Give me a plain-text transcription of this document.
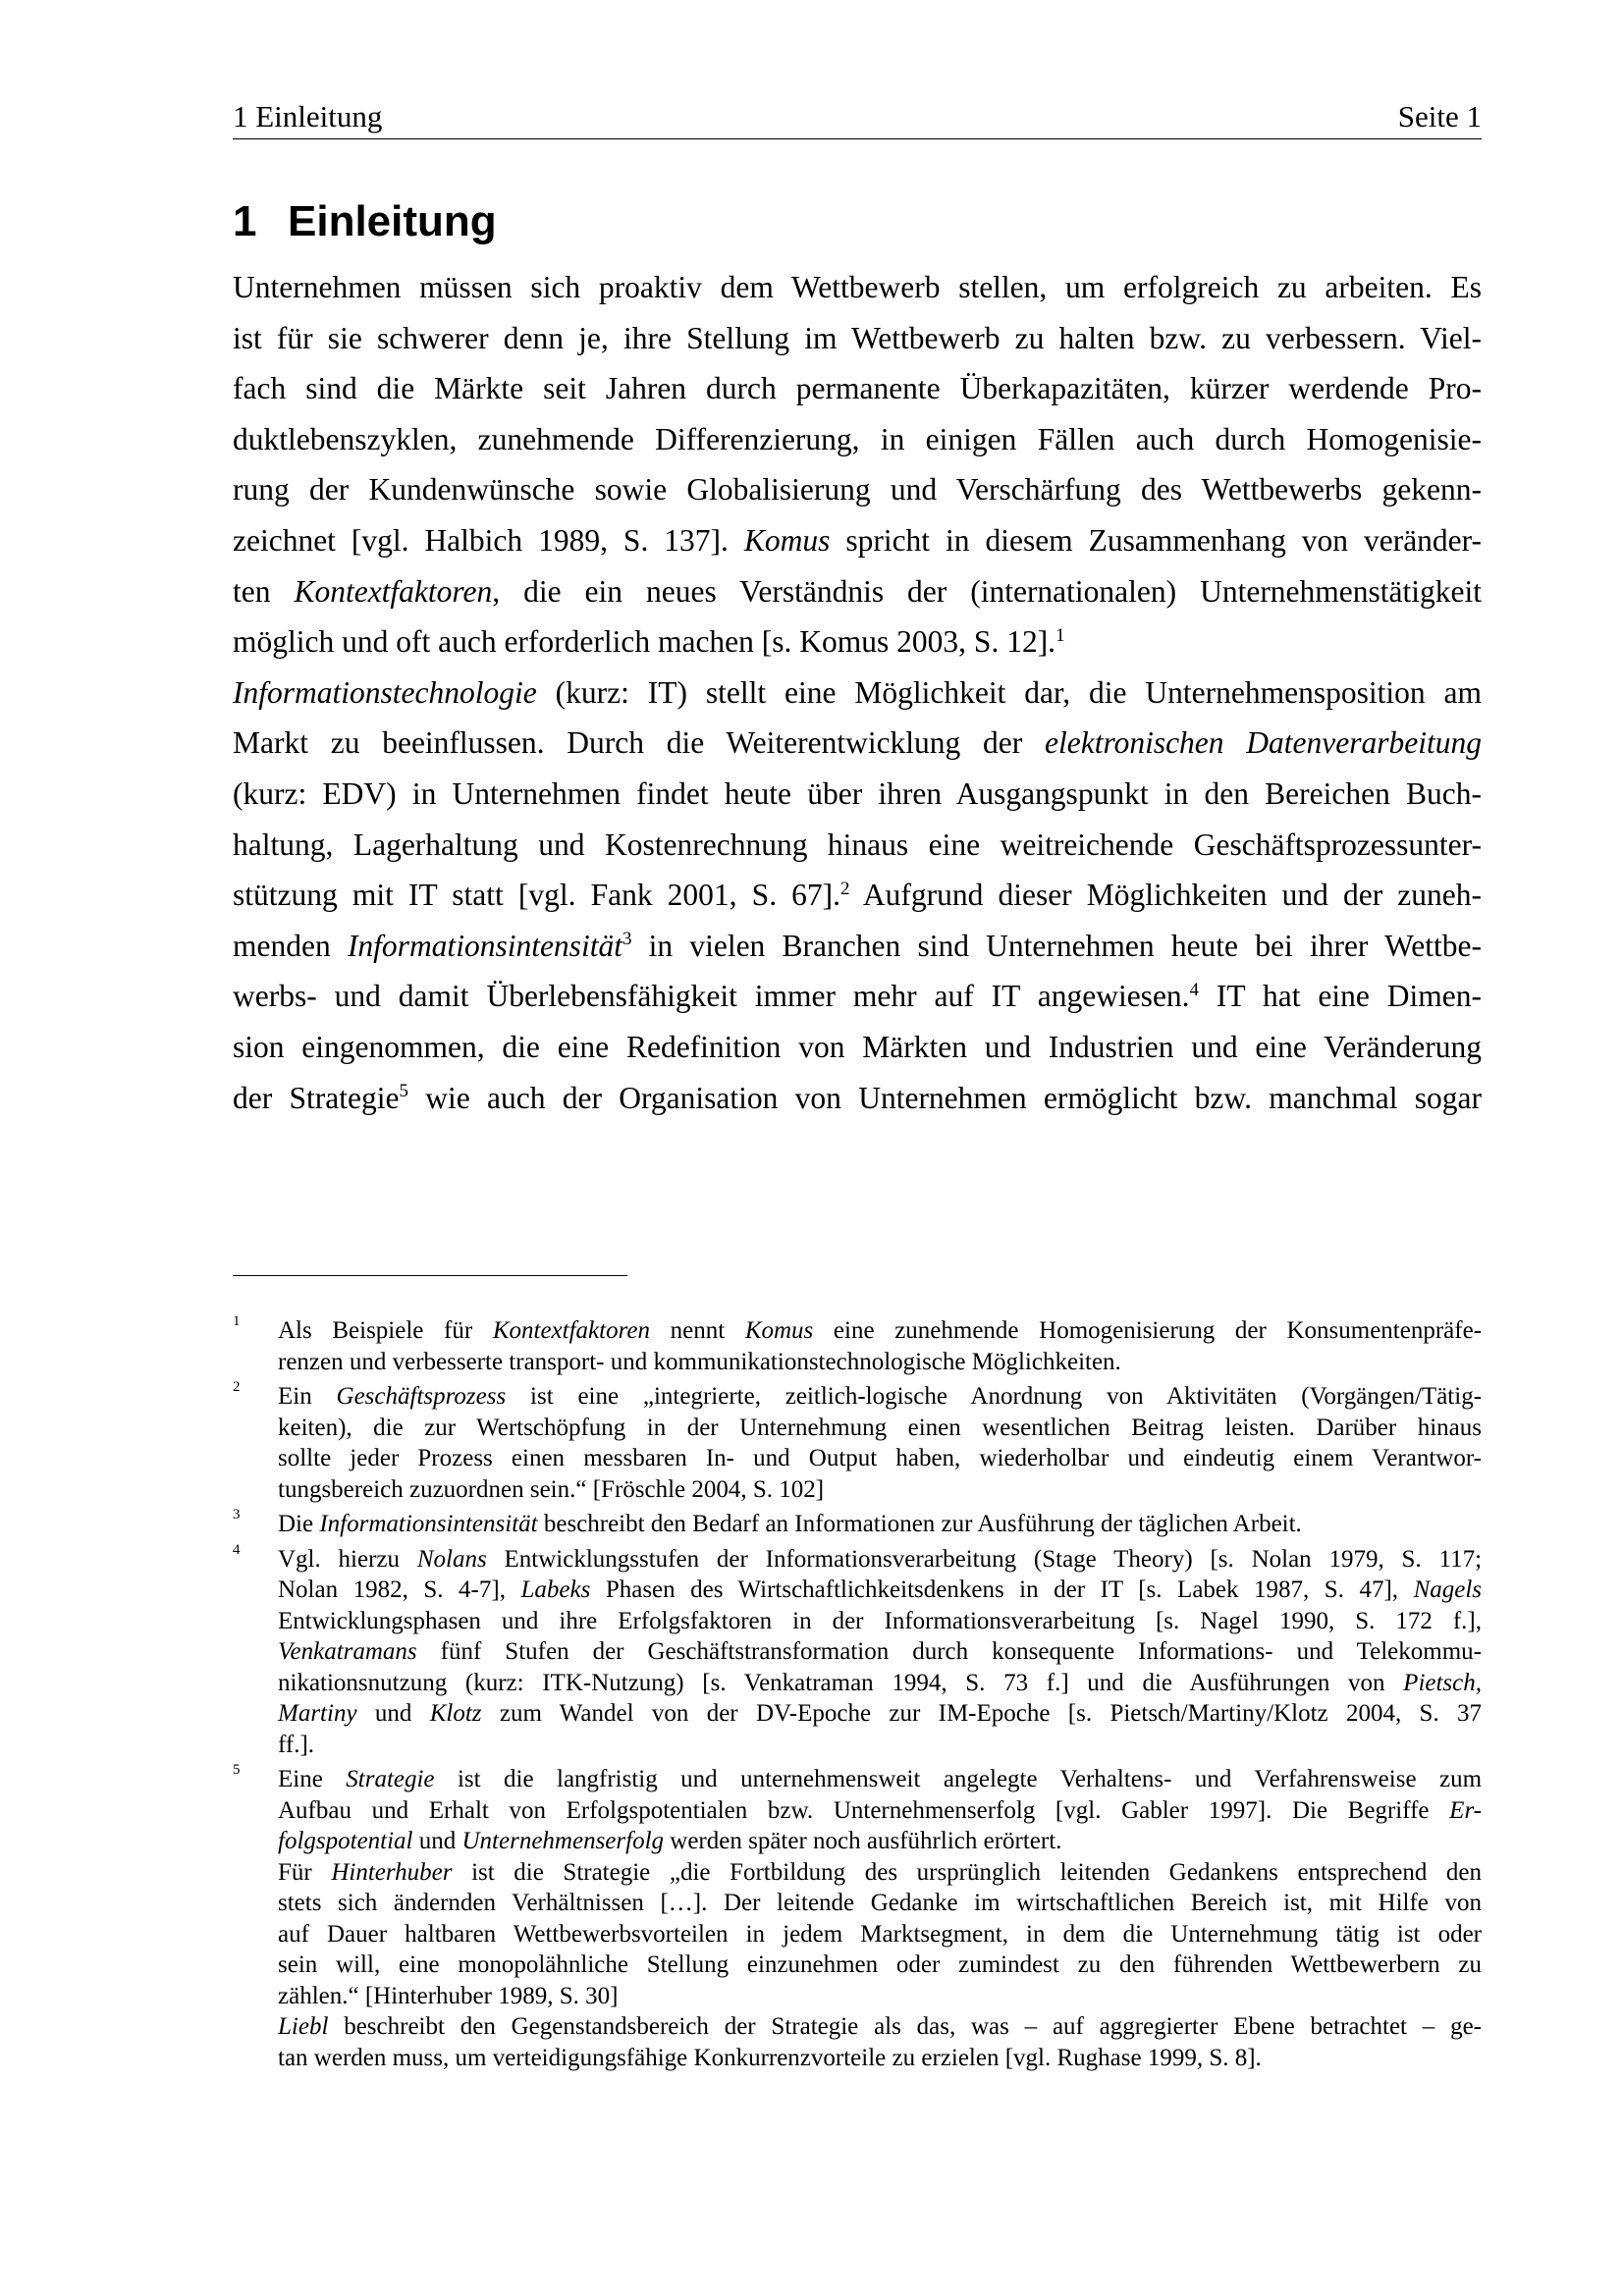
1 Einleitung	Seite 1
1 Einleitung
Unternehmen müssen sich proaktiv dem Wettbewerb stellen, um erfolgreich zu arbeiten. Es
ist für sie schwerer denn je, ihre Stellung im Wettbewerb zu halten bzw. zu verbessern. Viel-
fach sind die Märkte seit Jahren durch permanente Überkapazitäten, kürzer werdende Pro-
duktlebenszyklen, zunehmende Differenzierung, in einigen Fällen auch durch Homogenisie-
rung der Kundenwünsche sowie Globalisierung und Verschärfung des Wettbewerbs gekenn-
zeichnet [vgl. Halbich 1989, S. 137]. Komus spricht in diesem Zusammenhang von veränder-
ten Kontextfaktoren, die ein neues Verständnis der (internationalen) Unternehmenstätigkeit
möglich und oft auch erforderlich machen [s. Komus 2003, S. 12].$^1$
Informationstechnologie (kurz: IT) stellt eine Möglichkeit dar, die Unternehmensposition am
Markt zu beeinflussen. Durch die Weiterentwicklung der elektronischen Datenverarbeitung
(kurz: EDV) in Unternehmen findet heute über ihren Ausgangspunkt in den Bereichen Buch-
haltung, Lagerhaltung und Kostenrechnung hinaus eine weitreichende Geschäftsprozessunter-
stützung mit IT statt [vgl. Fank 2001, S. 67].$^2$ Aufgrund dieser Möglichkeiten und der zuneh-
menden Informationsintensität$^3$ in vielen Branchen sind Unternehmen heute bei ihrer Wettbe-
werbs- und damit Überlebensfähigkeit immer mehr auf IT angewiesen.$^4$ IT hat eine Dimen-
sion eingenommen, die eine Redefinition von Märkten und Industrien und eine Veränderung
der Strategie$^5$ wie auch der Organisation von Unternehmen ermöglicht bzw. manchmal sogar
1 Als Beispiele für Kontextfaktoren nennt Komus eine zunehmende Homogenisierung der Konsumentenpräfe-
renzen und verbesserte transport- und kommunikationstechnologische Möglichkeiten.
2 Ein Geschäftsprozess ist eine „integrierte, zeitlich-logische Anordnung von Aktivitäten (Vorgängen/Tätig-
keiten), die zur Wertschöpfung in der Unternehmung einen wesentlichen Beitrag leisten. Darüber hinaus
sollte jeder Prozess einen messbaren In- und Output haben, wiederholbar und eindeutig einem Verantwor-
tungsbereich zuzuordnen sein.“ [Fröschle 2004, S. 102]
3 Die Informationsintensität beschreibt den Bedarf an Informationen zur Ausführung der täglichen Arbeit.
4 Vgl. hierzu Nolans Entwicklungsstufen der Informationsverarbeitung (Stage Theory) [s. Nolan 1979, S. 117;
Nolan 1982, S. 4-7], Labeks Phasen des Wirtschaftlichkeitsdenkens in der IT [s. Labek 1987, S. 47], Nagels
Entwicklungsphasen und ihre Erfolgsfaktoren in der Informationsverarbeitung [s. Nagel 1990, S. 172 f.],
Venkatramans fünf Stufen der Geschäftstransformation durch konsequente Informations- und Telekommu-
nikationsnutzung (kurz: ITK-Nutzung) [s. Venkatraman 1994, S. 73 f.] und die Ausführungen von Pietsch,
Martiny und Klotz zum Wandel von der DV-Epoche zur IM-Epoche [s. Pietsch/Martiny/Klotz 2004, S. 37
ff.].
5 Eine Strategie ist die langfristig und unternehmensweit angelegte Verhaltens- und Verfahrensweise zum
Aufbau und Erhalt von Erfolgspotentialen bzw. Unternehmenserfolg [vgl. Gabler 1997]. Die Begriffe Er-
folgspotential und Unternehmenserfolg werden später noch ausführlich erörtert.
Für Hinterhuber ist die Strategie „die Fortbildung des ursprünglich leitenden Gedankens entsprechend den
stets sich ändernden Verhältnissen […]. Der leitende Gedanke im wirtschaftlichen Bereich ist, mit Hilfe von
auf Dauer haltbaren Wettbewerbsvorteilen in jedem Marktsegment, in dem die Unternehmung tätig ist oder
sein will, eine monopolähnliche Stellung einzunehmen oder zumindest zu den führenden Wettbewerbern zu
zählen.“ [Hinterhuber 1989, S. 30]
Liebl beschreibt den Gegenstandsbereich der Strategie als das, was – auf aggregierter Ebene betrachtet – ge-
tan werden muss, um verteidigungsfähige Konkurrenzvorteile zu erzielen [vgl. Rughase 1999, S. 8].
